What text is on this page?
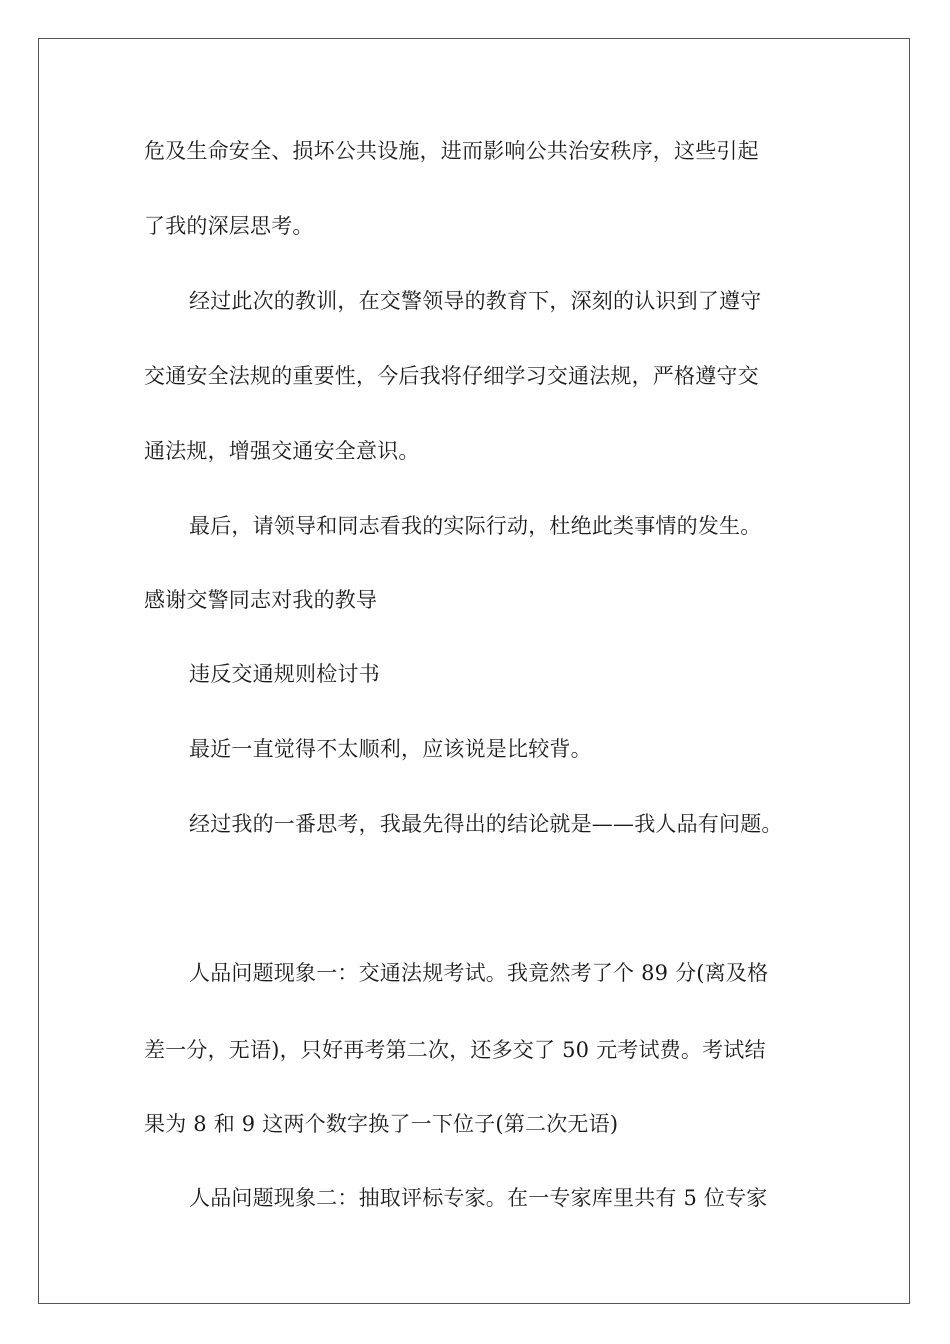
危及生命安全、损坏公共设施，进而影响公共治安秩序，这些引起
了我的深层思考。
经过此次的教训，在交警领导的教育下，深刻的认识到了遵守
交通安全法规的重要性，今后我将仔细学习交通法规，严格遵守交
通法规，增强交通安全意识。
最后，请领导和同志看我的实际行动，杜绝此类事情的发生。
感谢交警同志对我的教导
违反交通规则检讨书
最近一直觉得不太顺利，应该说是比较背。
经过我的一番思考，我最先得出的结论就是——我人品有问题。
人品问题现象一：交通法规考试。我竟然考了个 89 分(离及格
差一分，无语)，只好再考第二次，还多交了 50 元考试费。考试结
果为 8 和 9 这两个数字换了一下位子(第二次无语)
人品问题现象二：抽取评标专家。在一专家库里共有 5 位专家
